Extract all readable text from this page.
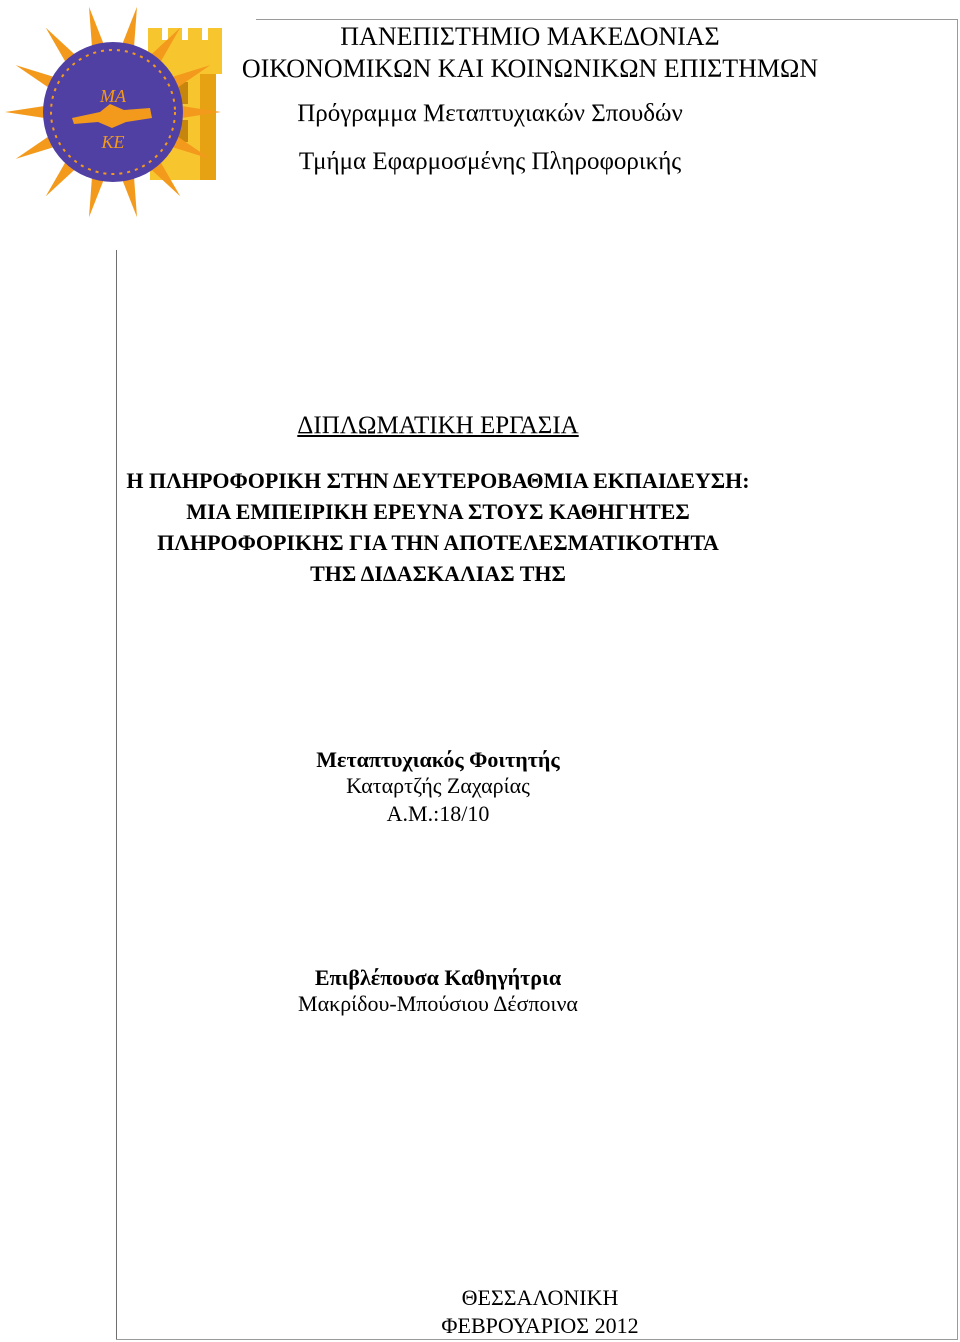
ΜΑ
ΚΕ
ΠΑΝΕΠΙΣΤΗΜΙΟ ΜΑΚΕΔΟΝΙΑΣ
ΟΙΚΟΝΟΜΙΚΩΝ ΚΑΙ ΚΟΙΝΩΝΙΚΩΝ ΕΠΙΣΤΗΜΩΝ
Πρόγραμμα Μεταπτυχιακών Σπουδών
Τμήμα Εφαρμοσμένης Πληροφορικής
ΔΙΠΛΩΜΑΤΙΚΗ ΕΡΓΑΣΙΑ
Η ΠΛΗΡΟΦΟΡΙΚΗ ΣΤΗΝ ΔΕΥΤΕΡΟΒΑΘΜΙΑ ΕΚΠΑΙΔΕΥΣΗ:
ΜΙΑ ΕΜΠΕΙΡΙΚΗ ΕΡΕΥΝΑ ΣΤΟΥΣ ΚΑΘΗΓΗΤΕΣ
ΠΛΗΡΟΦΟΡΙΚΗΣ ΓΙΑ ΤΗΝ ΑΠΟΤΕΛΕΣΜΑΤΙΚΟΤΗΤΑ
ΤΗΣ ΔΙΔΑΣΚΑΛΙΑΣ ΤΗΣ
Μεταπτυχιακός Φοιτητής
Καταρτζής Ζαχαρίας
Α.Μ.:18/10
Επιβλέπουσα Καθηγήτρια
Μακρίδου-Μπούσιου Δέσποινα
ΘΕΣΣΑΛΟΝΙΚΗ
ΦΕΒΡΟΥΑΡΙΟΣ 2012
